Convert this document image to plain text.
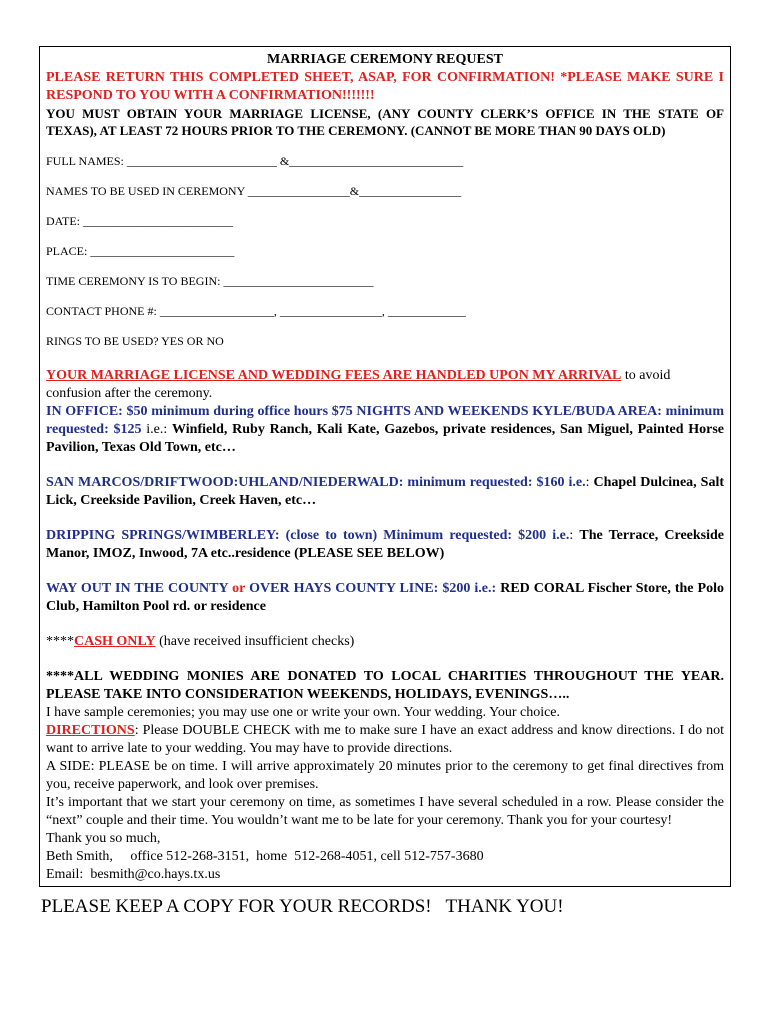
MARRIAGE CEREMONY REQUEST

PLEASE RETURN THIS COMPLETED SHEET, ASAP, FOR CONFIRMATION! *PLEASE MAKE SURE I RESPOND TO YOU WITH A CONFIRMATION!!!!!!!

YOU MUST OBTAIN YOUR MARRIAGE LICENSE, (ANY COUNTY CLERK’S OFFICE IN THE STATE OF TEXAS), AT LEAST 72 HOURS PRIOR TO THE CEREMONY. (CANNOT BE MORE THAN 90 DAYS OLD)

FULL NAMES: _________________________ &_____________________________

NAMES TO BE USED IN CEREMONY _________________&_________________

DATE: _________________________

PLACE: ________________________

TIME CEREMONY IS TO BEGIN: _________________________

CONTACT PHONE #: ___________________, _________________, _____________

RINGS TO BE USED? YES OR NO

YOUR MARRIAGE LICENSE AND WEDDING FEES ARE HANDLED UPON MY ARRIVAL to avoid confusion after the ceremony.

IN OFFICE: $50 minimum during office hours $75 NIGHTS AND WEEKENDS KYLE/BUDA AREA: minimum requested: $125 i.e.: Winfield, Ruby Ranch, Kali Kate, Gazebos, private residences, San Miguel, Painted Horse Pavilion, Texas Old Town, etc…

SAN MARCOS/DRIFTWOOD:UHLAND/NIEDERWALD: minimum requested: $160 i.e.: Chapel Dulcinea, Salt Lick, Creekside Pavilion, Creek Haven, etc…

DRIPPING SPRINGS/WIMBERLEY: (close to town) Minimum requested: $200 i.e.: The Terrace, Creekside Manor, IMOZ, Inwood, 7A etc..residence (PLEASE SEE BELOW)

WAY OUT IN THE COUNTY or OVER HAYS COUNTY LINE: $200 i.e.: RED CORAL Fischer Store, the Polo Club, Hamilton Pool rd. or residence

****CASH ONLY (have received insufficient checks)

****ALL WEDDING MONIES ARE DONATED TO LOCAL CHARITIES THROUGHOUT THE YEAR. PLEASE TAKE INTO CONSIDERATION WEEKENDS, HOLIDAYS, EVENINGS…..

I have sample ceremonies; you may use one or write your own. Your wedding. Your choice.

DIRECTIONS: Please DOUBLE CHECK with me to make sure I have an exact address and know directions. I do not want to arrive late to your wedding. You may have to provide directions.

A SIDE: PLEASE be on time. I will arrive approximately 20 minutes prior to the ceremony to get final directives from you, receive paperwork, and look over premises.

It’s important that we start your ceremony on time, as sometimes I have several scheduled in a row. Please consider the “next” couple and their time. You wouldn’t want me to be late for your ceremony. Thank you for your courtesy!

Thank you so much,

Beth Smith,     office 512-268-3151,  home  512-268-4051, cell 512-757-3680

Email:  besmith@co.hays.tx.us

PLEASE KEEP A COPY FOR YOUR RECORDS!   THANK YOU!
